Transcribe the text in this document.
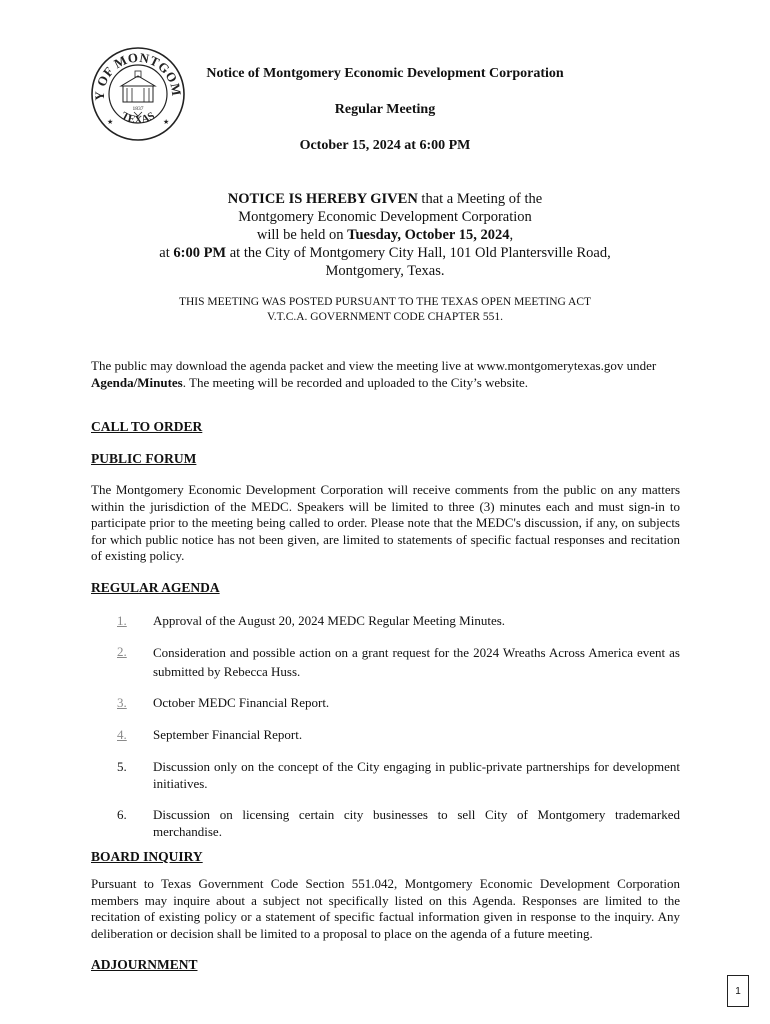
Y OF MONTGOM
TEXAS
1837
★	★
Notice of Montgomery Economic Development Corporation
Regular Meeting
October 15, 2024 at 6:00 PM
NOTICE IS HEREBY GIVEN that a Meeting of the
Montgomery Economic Development Corporation
will be held on Tuesday, October 15, 2024,
at 6:00 PM at the City of Montgomery City Hall, 101 Old Plantersville Road,
Montgomery, Texas.
THIS MEETING WAS POSTED PURSUANT TO THE TEXAS OPEN MEETING ACT
V.T.C.A. GOVERNMENT CODE CHAPTER 551.
The public may download the agenda packet and view the meeting live at www.montgomerytexas.gov under Agenda/Minutes. The meeting will be recorded and uploaded to the City’s website.
CALL TO ORDER
PUBLIC FORUM
The Montgomery Economic Development Corporation will receive comments from the public on any matters within the jurisdiction of the MEDC. Speakers will be limited to three (3) minutes each and must sign-in to participate prior to the meeting being called to order. Please note that the MEDC's discussion, if any, on subjects for which public notice has not been given, are limited to statements of specific factual responses and recitation of existing policy.
REGULAR AGENDA
1.	Approval of the August 20, 2024 MEDC Regular Meeting Minutes.
2.	Consideration and possible action on a grant request for the 2024 Wreaths Across America event as submitted by Rebecca Huss.
3.	October MEDC Financial Report.
4.	September Financial Report.
5.	Discussion only on the concept of the City engaging in public-private partnerships for development initiatives.
6.	Discussion on licensing certain city businesses to sell City of Montgomery trademarked merchandise.
BOARD INQUIRY
Pursuant to Texas Government Code Section 551.042, Montgomery Economic Development Corporation members may inquire about a subject not specifically listed on this Agenda. Responses are limited to the recitation of existing policy or a statement of specific factual information given in response to the inquiry. Any deliberation or decision shall be limited to a proposal to place on the agenda of a future meeting.
ADJOURNMENT
1
